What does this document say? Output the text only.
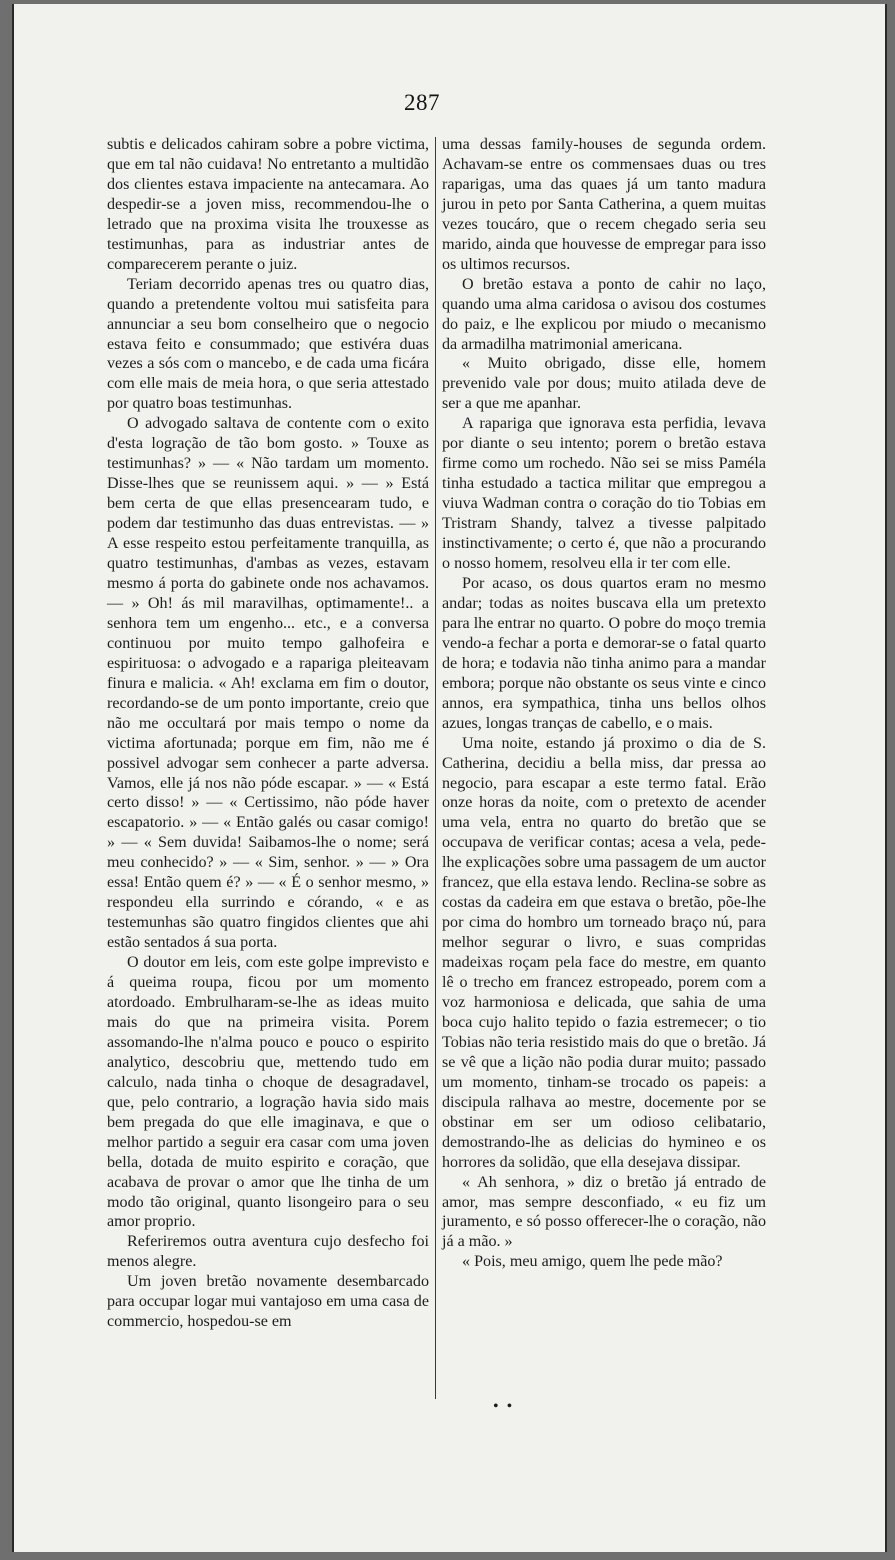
287

subtis e delicados cahiram sobre a pobre victima, que em tal não cuidava! No entretanto a multidão dos clientes estava impaciente na antecamara. Ao despedir-se a joven miss, recommendou-lhe o letrado que na proxima visita lhe trouxesse as testimunhas, para as industriar antes de comparecerem perante o juiz.

Teriam decorrido apenas tres ou quatro dias, quando a pretendente voltou mui satisfeita para annunciar a seu bom conselheiro que o negocio estava feito e consummado; que estivéra duas vezes a sós com o mancebo, e de cada uma ficára com elle mais de meia hora, o que seria attestado por quatro boas testimunhas.

O advogado saltava de contente com o exito d'esta logração de tão bom gosto. » Touxe as testimunhas? » — « Não tardam um momento. Disse-lhes que se reunissem aqui. » — » Está bem certa de que ellas presencearam tudo, e podem dar testimunho das duas entrevistas. — » A esse respeito estou perfeitamente tranquilla, as quatro testimunhas, d'ambas as vezes, estavam mesmo á porta do gabinete onde nos achavamos. — » Oh! ás mil maravilhas, optimamente!.. a senhora tem um engenho... etc., e a conversa continuou por muito tempo galhofeira e espirituosa: o advogado e a raparigа pleiteavam finura e malicia. « Ah! exclama em fim o doutor, recordando-se de um ponto importante, creio que não me occultará por mais tempo o nome da victima afortunada; porque em fim, não me é possivel advogar sem conhecer a parte adversa. Vamos, elle já nos não póde escapar. » — « Está certo disso! » — « Certissimo, não póde haver escapatorio. » — « Então galés ou casar comigo! » — « Sem duvida! Saibamos-lhe o nome; será meu conhecido? » — « Sim, senhor. » — » Ora essa! Então quem é? » — « É o senhor mesmo, » respondeu ella surrindo e córando, « e as testemunhas são quatro fingidos clientes que ahi estão sentados á sua porta.

O doutor em leis, com este golpe imprevisto e á queima roupa, ficou por um momento atordoado. Embrulharam-se-lhe as ideas muito mais do que na primeira visita. Porem assomando-lhe n'alma pouco e pouco o espirito analytico, descobriu que, mettendo tudo em calculo, nada tinha o choque de desagradavel, que, pelo contrario, a logração havia sido mais bem pregada do que elle imaginava, e que o melhor partido a seguir era casar com uma joven bella, dotada de muito espirito e coração, que acabava de provar o amor que lhe tinha de um modo tão original, quanto lisongeiro para o seu amor proprio.

Referiremos outra aventura cujo desfecho foi menos alegre.

Um joven bretão novamente desembarcado para occupar logar mui vantajoso em uma casa de commercio, hospedou-se em

uma dessas family-houses de segunda ordem. Achavam-se entre os commensaes duas ou tres raparigas, uma das quaes já um tanto madura jurou in peto por Santa Catherina, a quem muitas vezes toucáro, que o recem chegado seria seu marido, ainda que houvesse de empregar para isso os ultimos recursos.

O bretão estava a ponto de cahir no laço, quando uma alma caridosa o avisou dos costumes do paiz, e lhe explicou por miudo o mecanismo da armadilha matrimonial americana.

« Muito obrigado, disse elle, homem prevenido vale por dous; muito atilada deve de ser a que me apanhar.

A rapariga que ignorava esta perfidia, levava por diante o seu intento; porem o bretão estava firme como um rochedo. Não sei se miss Paméla tinha estudado a tactica militar que empregou a viuva Wadman contra o coração do tio Tobias em Tristram Shandy, talvez a tivesse palpitado instinctivamente; o certo é, que não a procurando o nosso homem, resolveu ella ir ter com elle.

Por acaso, os dous quartos eram no mesmo andar; todas as noites buscava ella um pretexto para lhe entrar no quarto. O pobre do moço tremia vendo-a fechar a porta e demorar-se o fatal quarto de hora; e todavia não tinha animo para a mandar embora; porque não obstante os seus vinte e cinco annos, era sympathica, tinha uns bellos olhos azues, longas tranças de cabello, e o mais.

Uma noite, estando já proximo o dia de S. Catherina, decidiu a bella miss, dar pressa ao negocio, para escapar a este termo fatal. Erão onze horas da noite, com o pretexto de acender uma vela, entra no quarto do bretão que se occupava de verificar contas; acesa a vela, pede-lhe explicações sobre uma passagem de um auctor francez, que ella estava lendo. Reclina-se sobre as costas da cadeira em que estava o bretão, põe-lhe por cima do hombro um torneado braço nú, para melhor segurar o livro, e suas compridas madeixas roçam pela face do mestre, em quanto lê o trecho em francez estropeado, porem com a voz harmoniosa e delicada, que sahia de uma boca cujo halito tepido o fazia estremecer; o tio Tobias não teria resistido mais do que o bretão. Já se vê que a lição não podia durar muito; passado um momento, tinham-se trocado os papeis: a discipula ralhava ao mestre, docemente por se obstinar em ser um odioso celibatario, demostrando-lhe as delicias do hymineo e os horrores da solidão, que ella desejava dissipar.

« Ah senhora, » diz o bretão já entrado de amor, mas sempre desconfiado, « eu fiz um juramento, e só posso offerecer-lhe o coração, não já a mão. »

« Pois, meu amigo, quem lhe pede mão?

• •
